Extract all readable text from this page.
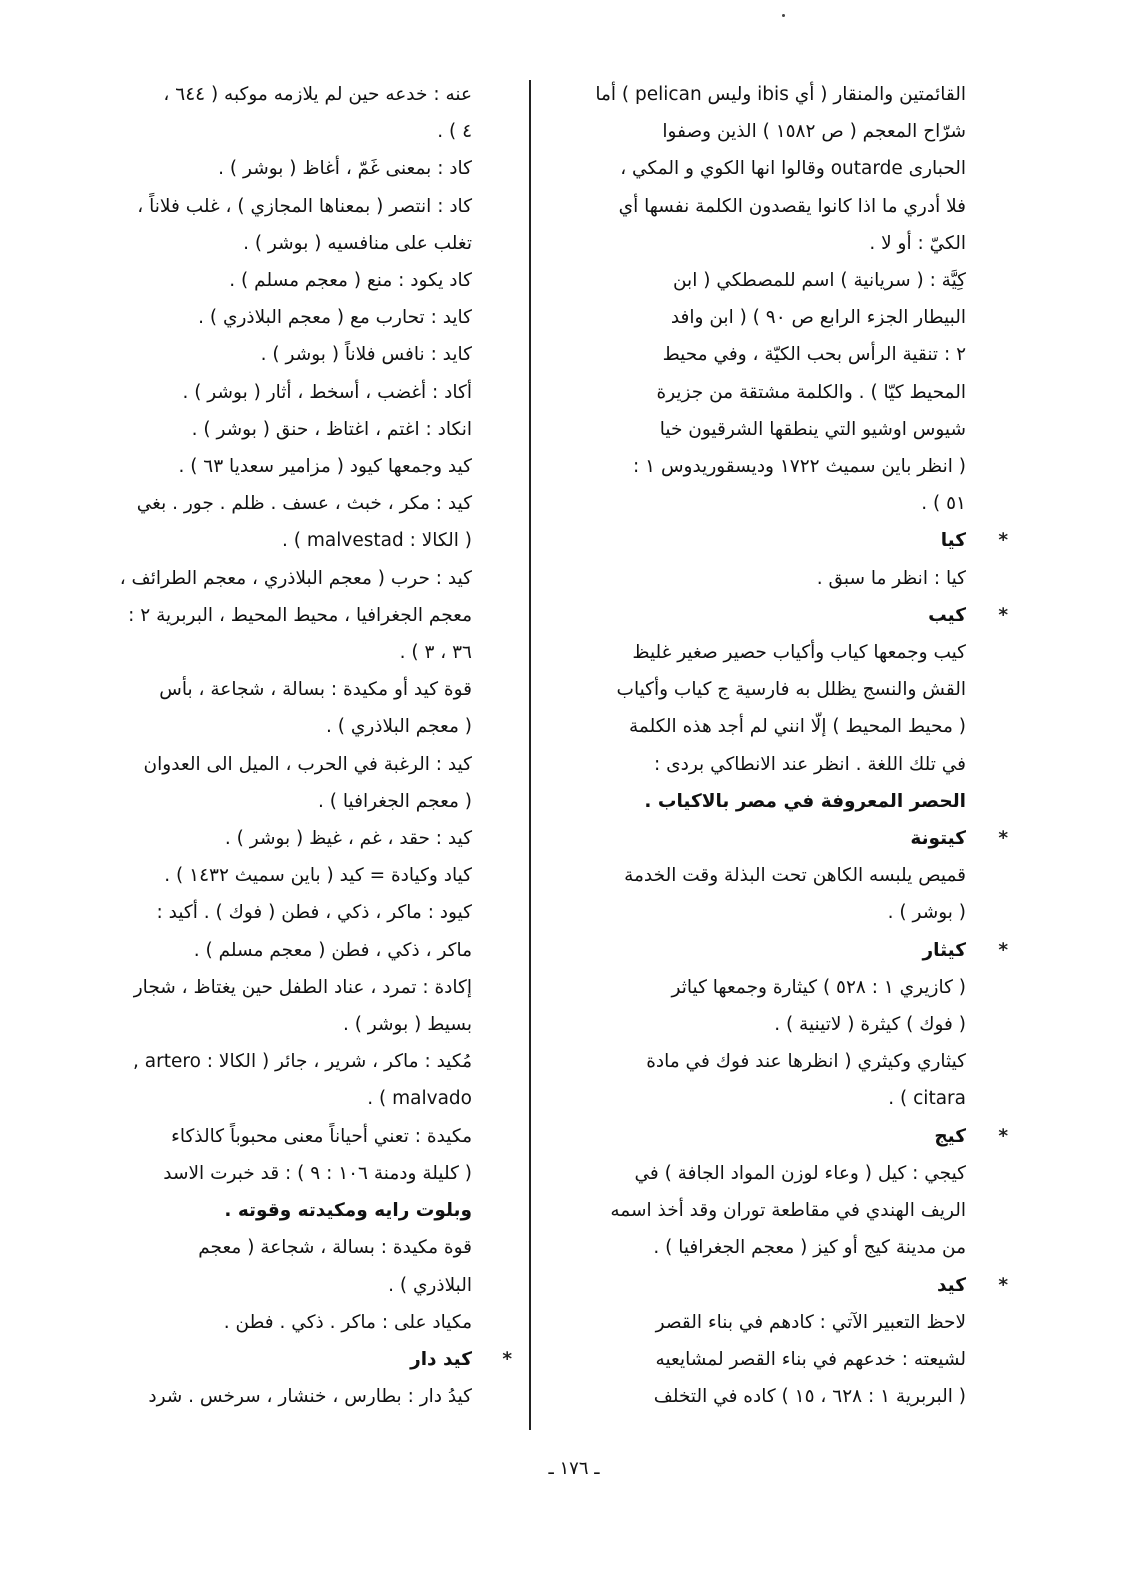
القائمتين والمنقار ( أي ibis وليس pelican ) أما
شرّاح المعجم ( ص ١٥٨٢ ) الذين وصفوا
الحبارى outarde وقالوا انها الكوي و المكي ،
فلا أدري ما اذا كانوا يقصدون الكلمة نفسها أي
الكيّ : أو لا .
كِيَّة : ( سريانية ) اسم للمصطكي ( ابن
البيطار الجزء الرابع ص ٩٠ ) ( ابن وافد
٢ : تنقية الرأس بحب الكيّة ، وفي محيط
المحيط كيّا ) . والكلمة مشتقة من جزيرة
شيوس اوشيو التي ينطقها الشرقيون خيا
( انظر باين سميث ١٧٢٢ وديسقوريدوس ١ :
٥١ ) .
*
كيا
كيا : انظر ما سبق .
*
كيب
كيب وجمعها كياب وأكياب حصير صغير غليظ
القش والنسج يظلل به فارسية ج كياب وأكياب
( محيط المحيط ) إلّا انني لم أجد هذه الكلمة
في تلك اللغة . انظر عند الانطاكي بردى :
الحصر المعروفة في مصر بالاكياب .
*
كيتونة
قميص يلبسه الكاهن تحت البذلة وقت الخدمة
( بوشر ) .
*
كيثار
( كازيري ١ : ٥٢٨ ) كيثارة وجمعها كياثر
( فوك ) كيثرة ( لاتينية ) .
كيثاري وكيثري ( انظرها عند فوك في مادة
citara ) .
*
كيج
كيجي : كيل ( وعاء لوزن المواد الجافة ) في
الريف الهندي في مقاطعة توران وقد أخذ اسمه
من مدينة كيج أو كيز ( معجم الجغرافيا ) .
*
كيد
لاحظ التعبير الآتي : كادهم في بناء القصر
لشيعته : خدعهم في بناء القصر لمشايعيه
( البربرية ١ : ٦٢٨ ، ١٥ ) كاده في التخلف
عنه : خدعه حين لم يلازمه موكبه ( ٦٤٤ ،
٤ ) .
كاد : بمعنى غَمّ ، أغاظ ( بوشر ) .
كاد : انتصر ( بمعناها المجازي ) ، غلب فلاناً ،
تغلب على منافسيه ( بوشر ) .
كاد يكود : منع ( معجم مسلم ) .
كايد : تحارب مع ( معجم البلاذري ) .
كايد : نافس فلاناً ( بوشر ) .
أكاد : أغضب ، أسخط ، أثار ( بوشر ) .
انكاد : اغتم ، اغتاظ ، حنق ( بوشر ) .
كيد وجمعها كيود ( مزامير سعديا ٦٣ ) .
كيد : مكر ، خبث ، عسف . ظلم . جور . بغي
( الكالا : malvestad ) .
كيد : حرب ( معجم البلاذري ، معجم الطرائف ،
معجم الجغرافيا ، محيط المحيط ، البربرية ٢ :
٣٦ ، ٣ ) .
قوة كيد أو مكيدة : بسالة ، شجاعة ، بأس
( معجم البلاذري ) .
كيد : الرغبة في الحرب ، الميل الى العدوان
( معجم الجغرافيا ) .
كيد : حقد ، غم ، غيظ ( بوشر ) .
كياد وكيادة = كيد ( باين سميث ١٤٣٢ ) .
كيود : ماكر ، ذكي ، فطن ( فوك ) . أكيد :
ماكر ، ذكي ، فطن ( معجم مسلم ) .
إكادة : تمرد ، عناد الطفل حين يغتاظ ، شجار
بسيط ( بوشر ) .
مُكيد : ماكر ، شرير ، جائر ( الكالا : artero ,
malvado ) .
مكيدة : تعني أحياناً معنى محبوباً كالذكاء
( كليلة ودمنة ١٠٦ : ٩ ) : قد خبرت الاسد
وبلوت رايه ومكيدته وقوته .
قوة مكيدة : بسالة ، شجاعة ( معجم
البلاذري ) .
مكياد على : ماكر . ذكي . فطن .
*
كيد دار
كيدُ دار : بطارس ، خنشار ، سرخس . شرد
ـ ١٧٦ ـ
